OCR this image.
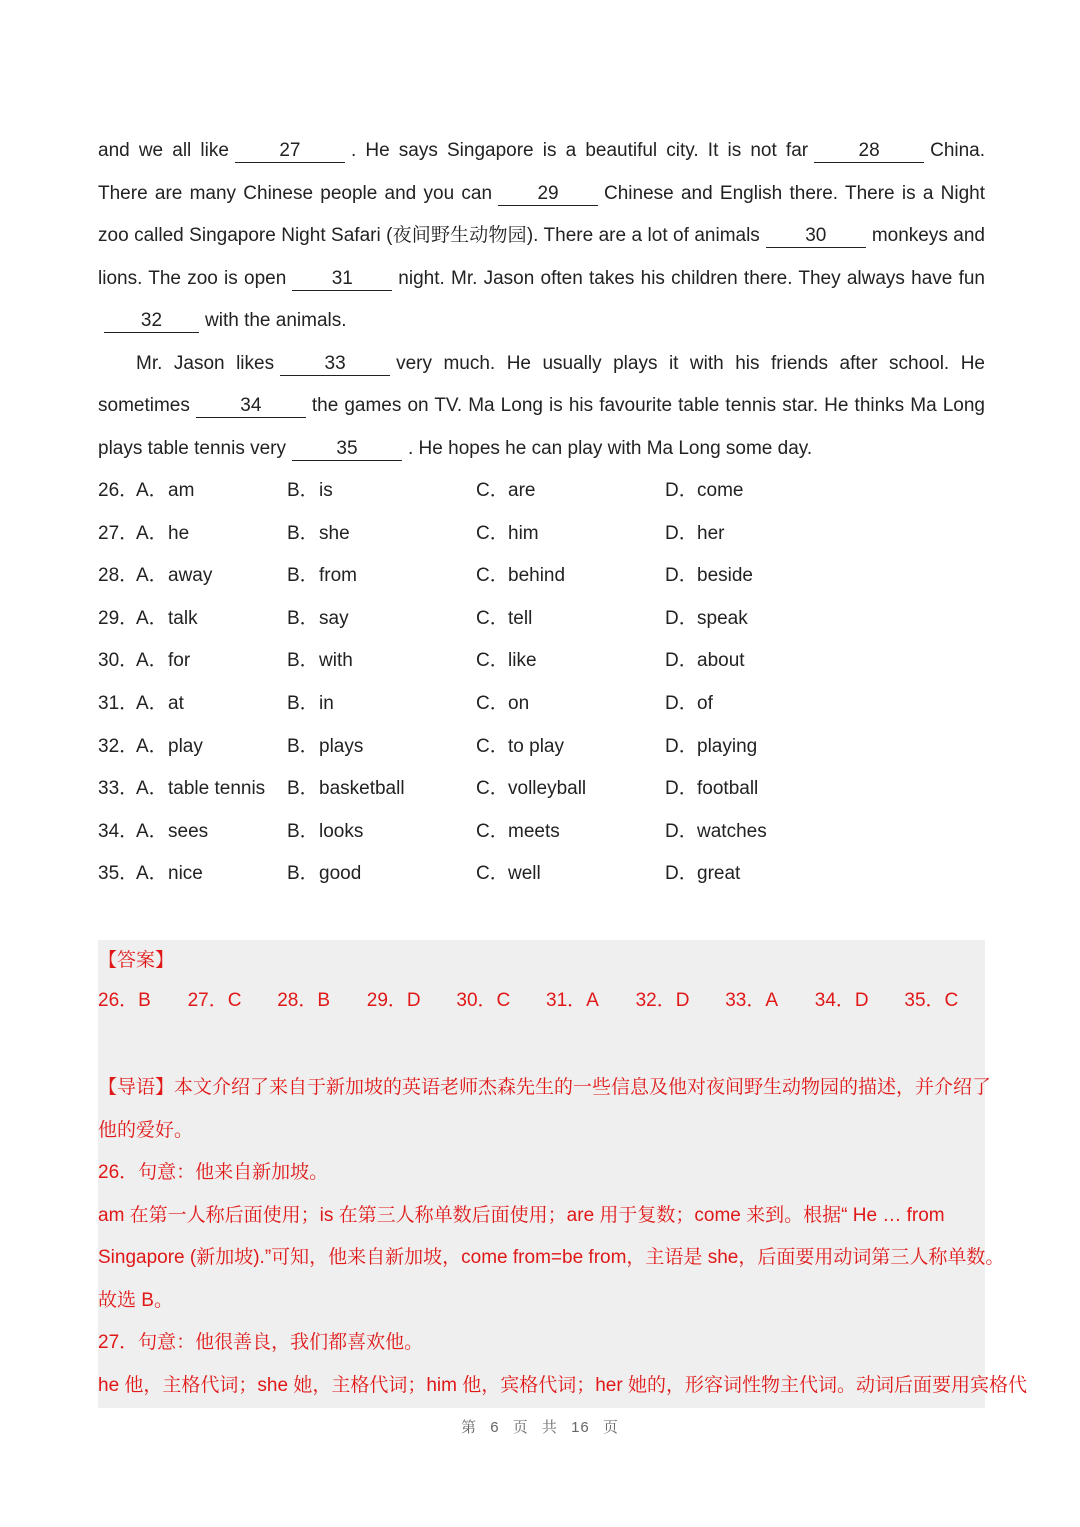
and we all like	27	. He says Singapore is a beautiful city. It is not far	28	China. There are many Chinese people and you can 29 Chinese and English there. There is a Night zoo called Singapore Night Safari (夜间野生动物园). There are a lot of animals 30 monkeys and lions. The zoo is open 31 night. Mr. Jason often takes his children there. They always have fun32 with the animals.

Mr. Jason likes	33	very much. He usually plays it with his friends after school. He sometimes	34	the games on TV. Ma Long is his favourite table tennis star. He thinks Ma Long plays table tennis very	35	. He hopes he can play with Ma Long some day.

26．
A．am	B．is	C．are	D．come
27．
A．he	B．she	C．him	D．her
28．
A．away	B．from	C．behind	D．beside
29．
A．talk	B．say	C．tell	D．speak
30．
A．for	B．with	C．like	D．about
31．
A．at	B．in	C．on	D．of
32．
A．play	B．plays	C．to play	D．playing
33．
A．table tennis B．basketball	C．volleyball	D．football
34．
A．sees	B．looks	C．meets	D．watches
35．
A．nice	B．good	C．well	D．great
【答案】
26．B 27．C 28．B 29．D 30．C 31．A 32．D 33．A 34．D 35．C

【导语】本文介绍了来自于新加坡的英语老师杰森先生的一些信息及他对夜间野生动物园的描述，并介绍了

他的爱好。

26．句意：他来自新加坡。

am 在第一人称后面使用；is 在第三人称单数后面使用；are 用于复数；come 来到。根据“ He … from

Singapore (新加坡).”可知，他来自新加坡，come from=be from，主语是 she，后面要用动词第三人称单数。

故选 B。

27．句意：他很善良，我们都喜欢他。

he 他，主格代词；she 她，主格代词；him 他，宾格代词；her 她的，形容词性物主代词。动词后面要用宾格代

第 6 页 共 16 页
